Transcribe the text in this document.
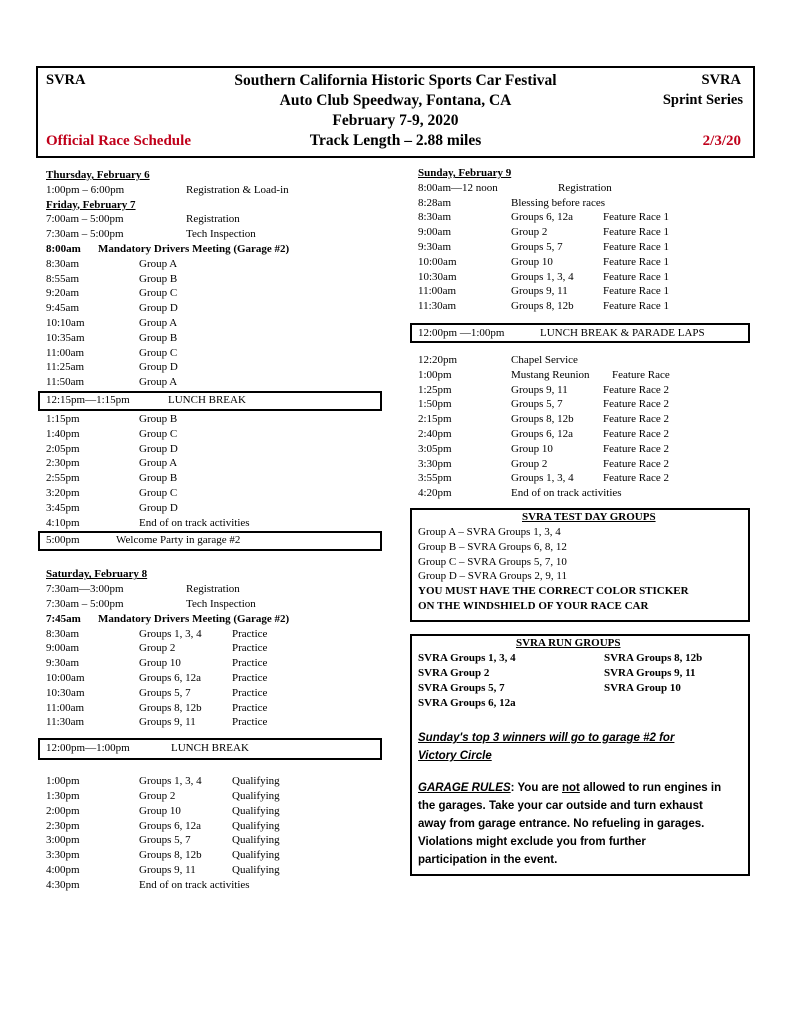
SVRA	SVRA
Sprint Series
Southern California Historic Sports Car Festival
Auto Club Speedway, Fontana, CA
February 7-9, 2020
Track Length – 2.88 miles
Official Race Schedule	2/3/20
Thursday, February 6
1:00pm – 6:00pm	Registration & Load-in
Friday, February 7
7:00am – 5:00pm	Registration
7:30am – 5:00pm	Tech Inspection
8:00am Mandatory Drivers Meeting (Garage #2)
8:30am	Group A
8:55am	Group B
9:20am	Group C
9:45am	Group D
10:10am	Group A
10:35am	Group B
11:00am	Group C
11:25am	Group D
11:50am	Group A
12:15pm—1:15pm	LUNCH BREAK
1:15pm	Group B
1:40pm	Group C
2:05pm	Group D
2:30pm	Group A
2:55pm	Group B
3:20pm	Group C
3:45pm	Group D
4:10pm	End of on track activities
5:00pm	Welcome Party in garage #2
Saturday, February 8
7:30am—3:00pm	Registration
7:30am – 5:00pm	Tech Inspection
7:45am Mandatory Drivers Meeting (Garage #2)
8:30am	Groups 1, 3, 4	Practice
9:00am	Group 2	Practice
9:30am	Group 10	Practice
10:00am	Groups 6, 12a	Practice
10:30am	Groups 5, 7	Practice
11:00am	Groups 8, 12b	Practice
11:30am	Groups 9, 11	Practice
12:00pm—1:00pm	LUNCH BREAK
1:00pm	Groups 1, 3, 4	Qualifying
1:30pm	Group 2	Qualifying
2:00pm	Group 10	Qualifying
2:30pm	Groups 6, 12a	Qualifying
3:00pm	Groups 5, 7	Qualifying
3:30pm	Groups 8, 12b	Qualifying
4:00pm	Groups 9, 11	Qualifying
4:30pm	End of on track activities
Sunday, February 9
8:00am—12 noon	Registration
8:28am	Blessing before races
8:30am	Groups 6, 12a	Feature Race 1
9:00am	Group 2	Feature Race 1
9:30am	Groups 5, 7	Feature Race 1
10:00am	Group 10	Feature Race 1
10:30am	Groups 1, 3, 4	Feature Race 1
11:00am	Groups 9, 11	Feature Race 1
11:30am	Groups 8, 12b	Feature Race 1
12:00pm —1:00pm	LUNCH BREAK & PARADE LAPS
12:20pm	Chapel Service
1:00pm	Mustang Reunion Feature Race
1:25pm	Groups 9, 11	Feature Race 2
1:50pm	Groups 5, 7	Feature Race 2
2:15pm	Groups 8, 12b	Feature Race 2
2:40pm	Groups 6, 12a	Feature Race 2
3:05pm	Group 10	Feature Race 2
3:30pm	Group 2	Feature Race 2
3:55pm	Groups 1, 3, 4	Feature Race 2
4:20pm	End of on track activities
SVRA TEST DAY GROUPS
Group A – SVRA Groups 1, 3, 4
Group B – SVRA Groups 6, 8, 12
Group C – SVRA Groups 5, 7, 10
Group D – SVRA Groups 2, 9, 11
YOU MUST HAVE THE CORRECT COLOR STICKER
ON THE WINDSHIELD OF YOUR RACE CAR
SVRA RUN GROUPS
SVRA Groups 1, 3, 4	SVRA Groups 8, 12b
SVRA Group 2	SVRA Groups 9, 11
SVRA Groups 5, 7	SVRA Group 10
SVRA Groups 6, 12a
Sunday's top 3 winners will go to garage #2 for
Victory Circle
GARAGE RULES: You are not allowed to run engines in
the garages. Take your car outside and turn exhaust
away from garage entrance. No refueling in garages.
Violations might exclude you from further
participation in the event.
